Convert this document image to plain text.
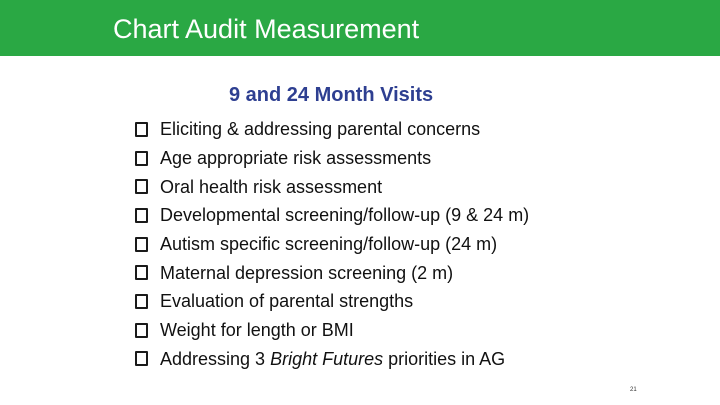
Chart Audit Measurement
9 and 24 Month Visits
Eliciting & addressing parental concerns
Age appropriate risk assessments
Oral health risk assessment
Developmental screening/follow-up (9 & 24 m)
Autism specific screening/follow-up (24 m)
Maternal depression screening (2 m)
Evaluation of parental strengths
Weight for length or BMI
Addressing 3 Bright Futures priorities in AG
21
